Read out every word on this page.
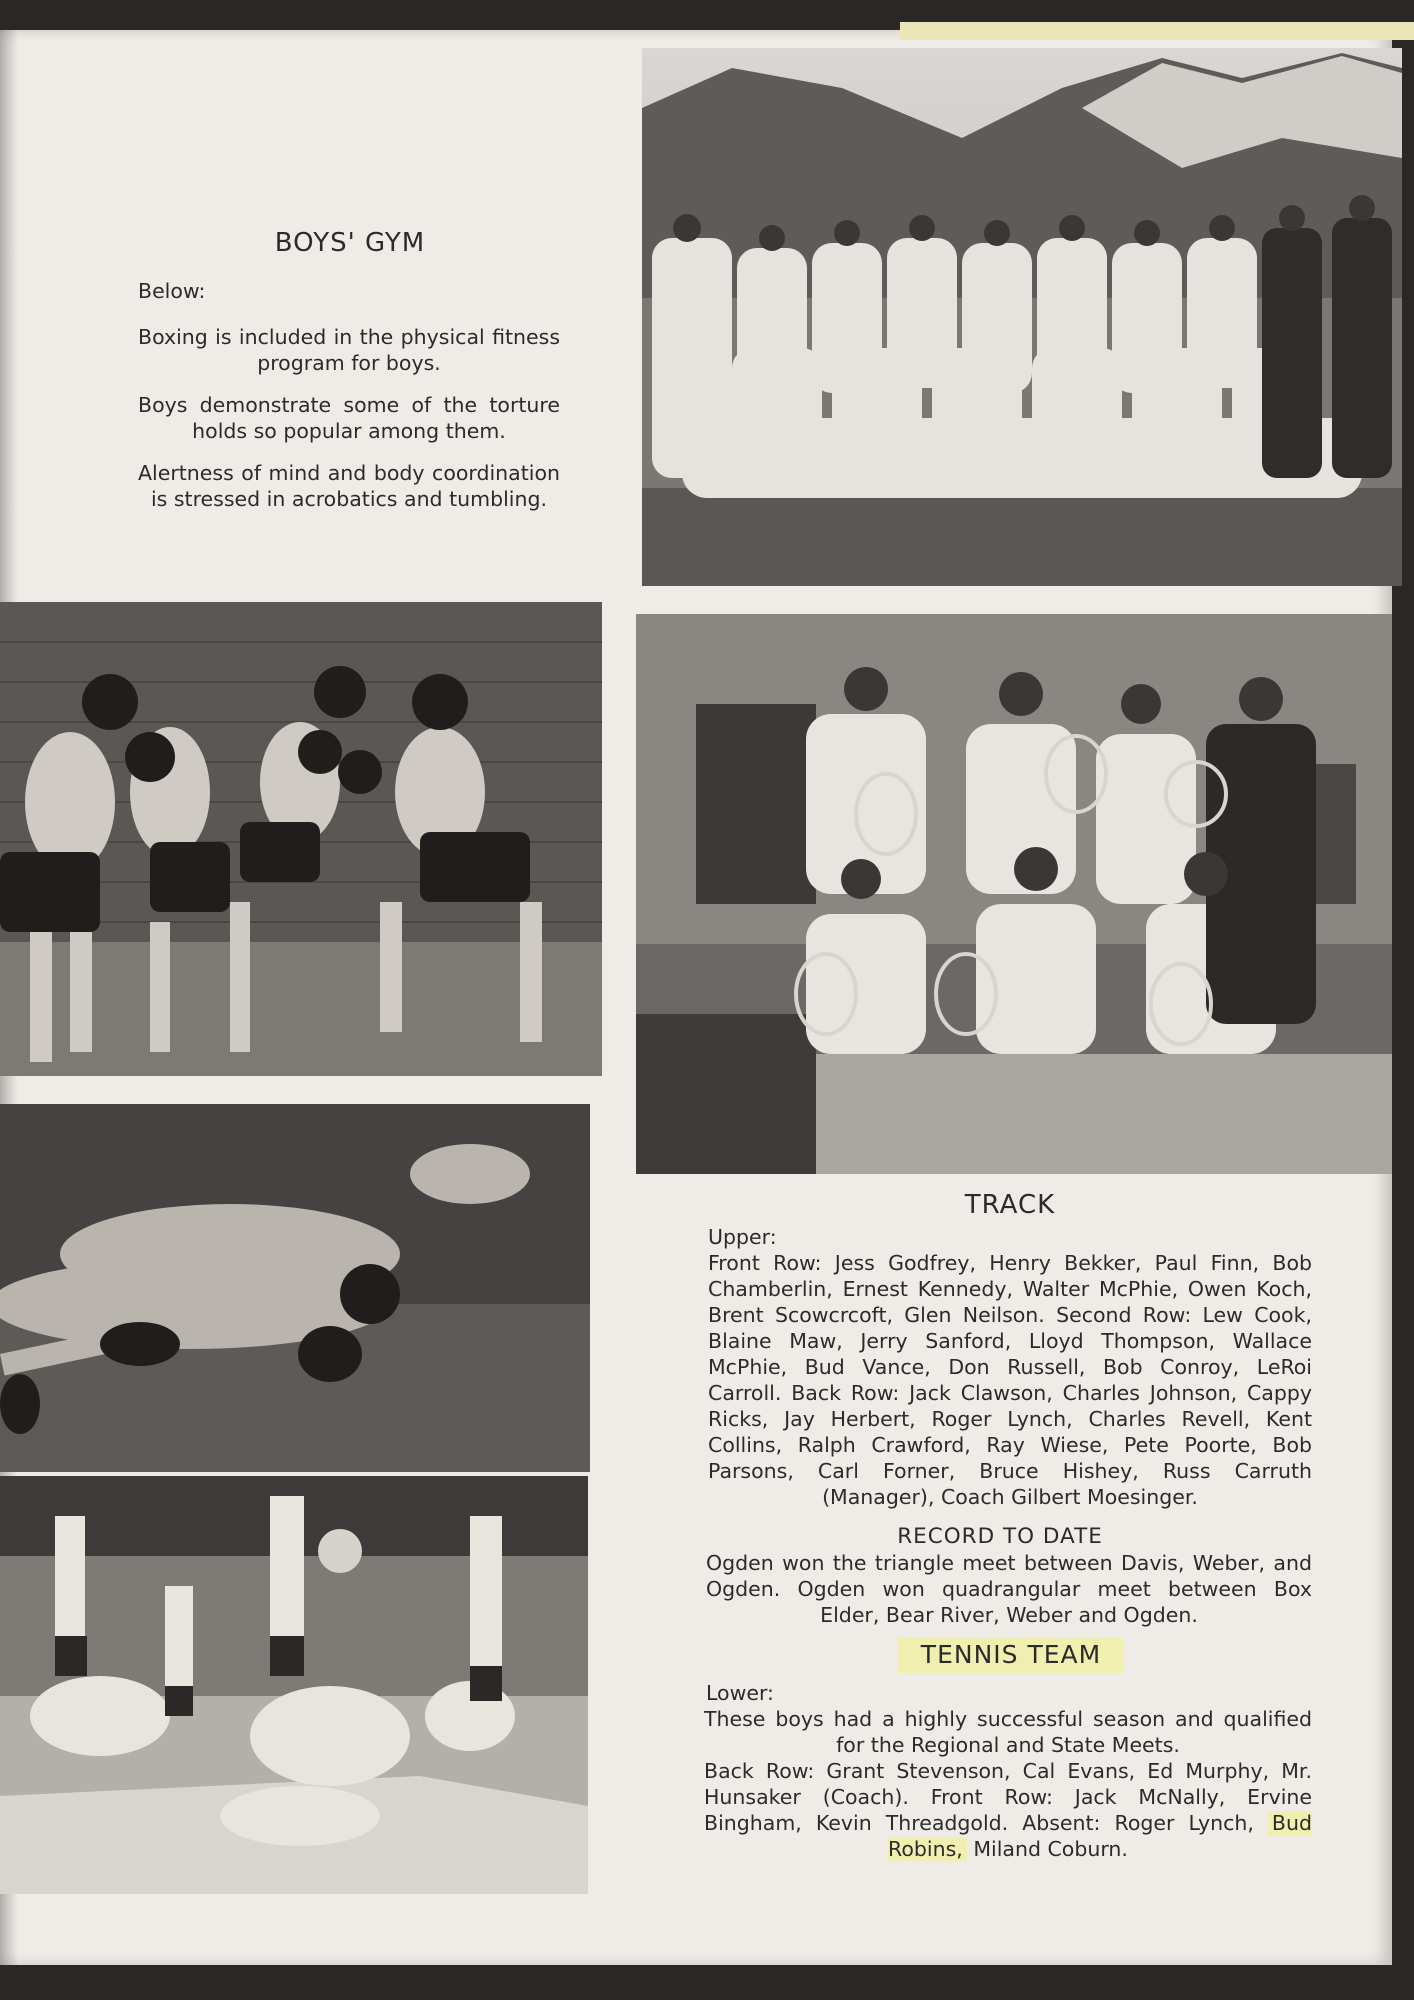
BOYS' GYM
Below:
Boxing is included in the physical fitness program for boys.
Boys demonstrate some of the torture holds so popular among them.
Alertness of mind and body coordination is stressed in acrobatics and tumbling.
TRACK
Upper:
Front Row: Jess Godfrey, Henry Bekker, Paul Finn, Bob Chamberlin, Ernest Kennedy, Walter McPhie, Owen Koch, Brent Scowcrcoft, Glen Neilson. Second Row: Lew Cook, Blaine Maw, Jerry Sanford, Lloyd Thompson, Wallace McPhie, Bud Vance, Don Russell, Bob Conroy, LeRoi Carroll. Back Row: Jack Clawson, Charles Johnson, Cappy Ricks, Jay Herbert, Roger Lynch, Charles Revell, Kent Collins, Ralph Crawford, Ray Wiese, Pete Poorte, Bob Parsons, Carl Forner, Bruce Hishey, Russ Carruth (Manager), Coach Gilbert Moesinger.
RECORD TO DATE
Ogden won the triangle meet between Davis, Weber, and Ogden. Ogden won quadrangular meet between Box Elder, Bear River, Weber and Ogden.
TENNIS TEAM
Lower:
These boys had a highly successful season and qualified for the Regional and State Meets.
Back Row: Grant Stevenson, Cal Evans, Ed Murphy, Mr. Hunsaker (Coach). Front Row: Jack McNally, Ervine Bingham, Kevin Threadgold. Absent: Roger Lynch, Bud Robins, Miland Coburn.
